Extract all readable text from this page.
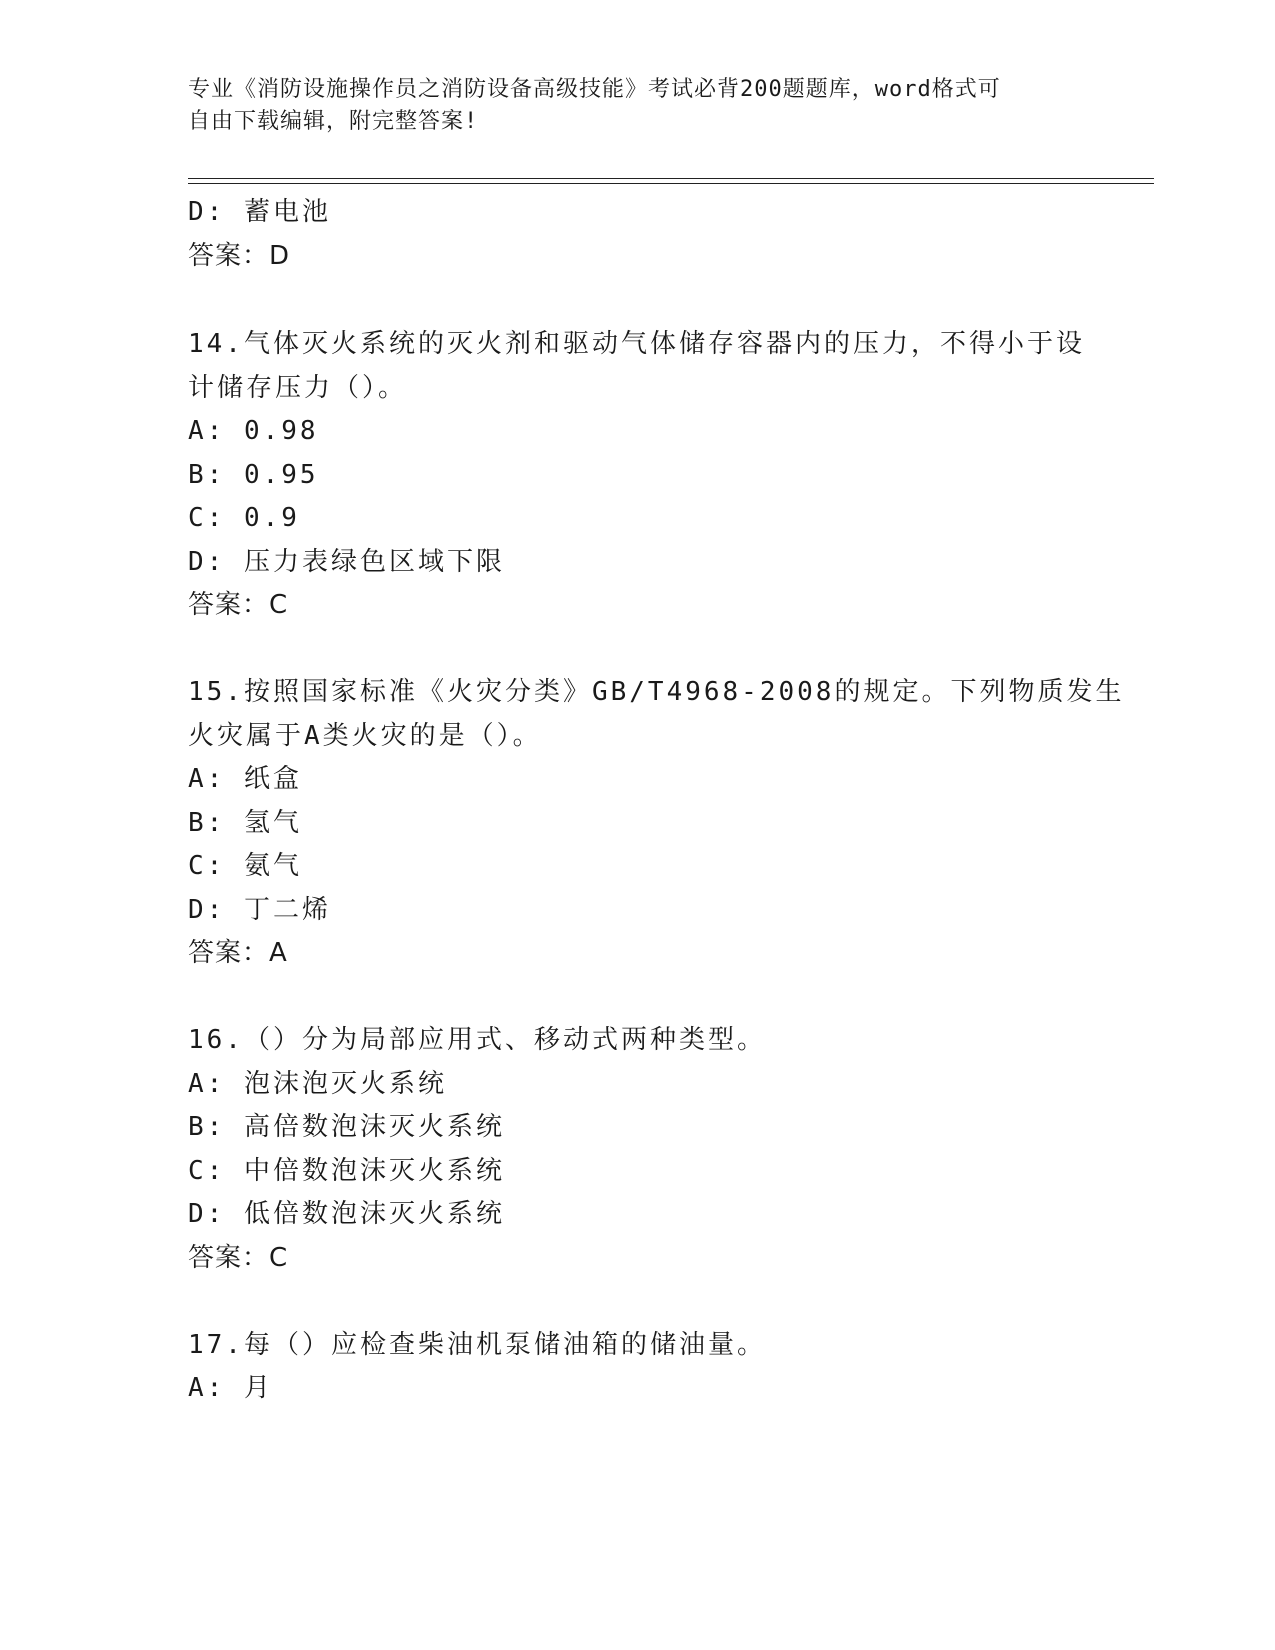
专业《消防设施操作员之消防设备高级技能》考试必背200题题库，word格式可
自由下载编辑，附完整答案!
D: 蓄电池
答案：D
14.气体灭火系统的灭火剂和驱动气体储存容器内的压力，不得小于设
计储存压力（）。
A: 0.98
B: 0.95
C: 0.9
D: 压力表绿色区域下限
答案：C
15.按照国家标准《火灾分类》GB/T4968-2008的规定。下列物质发生
火灾属于A类火灾的是（）。
A: 纸盒
B: 氢气
C: 氨气
D: 丁二烯
答案：A
16.（）分为局部应用式、移动式两种类型。
A: 泡沫泡灭火系统
B: 高倍数泡沫灭火系统
C: 中倍数泡沫灭火系统
D: 低倍数泡沫灭火系统
答案：C
17.每（）应检查柴油机泵储油箱的储油量。
A: 月
